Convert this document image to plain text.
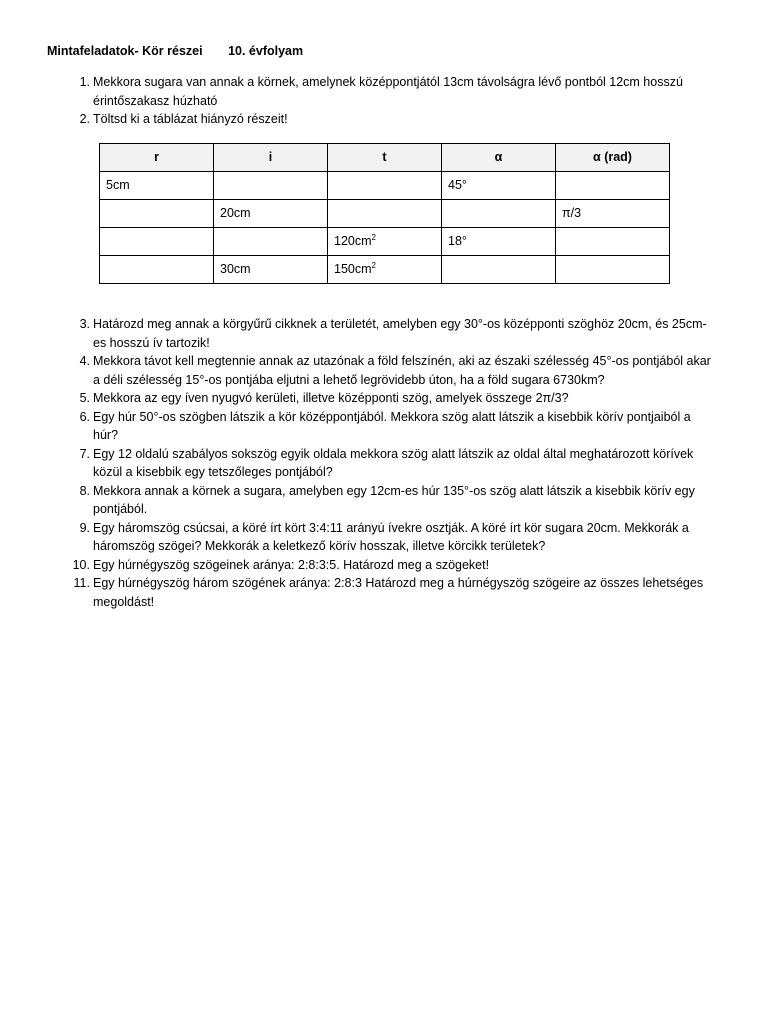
Mintafeladatok- Kör részei 10. évfolyam
1 . Mekkora sugara van annak a körnek, amelynek középpontjától 13cm távolságra lévő pontból 12cm hosszú érintőszakasz húzható
2 . Töltsd ki a táblázat hiányzó részeit!
r	i	t	α	α (rad)
5cm			45°	
	20cm			π/3
		$120cm^2$	18°	
	30cm	$150cm^2$		
3 . Határozd meg annak a körgyűrű cikknek a területét, amelyben egy 30°-os középponti szöghöz 20cm, és 25cm-es hosszú ív tartozik!
4 . Mekkora távot kell megtennie annak az utazónak a föld felszínén, aki az északi szélesség 45°-os pontjából akar a déli szélesség 15°-os pontjába eljutni a lehető legrövidebb úton, ha a föld sugara 6730km?
5 . Mekkora az egy íven nyugvó kerületi, illetve középponti szög, amelyek összege 2π/3?
6 . Egy húr 50°-os szögben látszik a kör középpontjából. Mekkora szög alatt látszik a kisebbik körív pontjaiból a húr?
7 . Egy 12 oldalú szabályos sokszög egyik oldala mekkora szög alatt látszik az oldal által meghatározott körívek közül a kisebbik egy tetszőleges pontjából?
8 . Mekkora annak a körnek a sugara, amelyben egy 12cm-es húr 135°-os szög alatt látszik a kisebbik körív egy pontjából.
9 . Egy háromszög csúcsai, a köré írt kört 3:4:11 arányú ívekre osztják. A köré írt kör sugara 20cm. Mekkorák a háromszög szögei? Mekkorák a keletkező körív hosszak, illetve körcikk területek?
10 . Egy húrnégyszög szögeinek aránya: 2:8:3:5. Határozd meg a szögeket!
11 . Egy húrnégyszög három szögének aránya: 2:8:3 Határozd meg a húrnégyszög szögeire az összes lehetséges megoldást!
